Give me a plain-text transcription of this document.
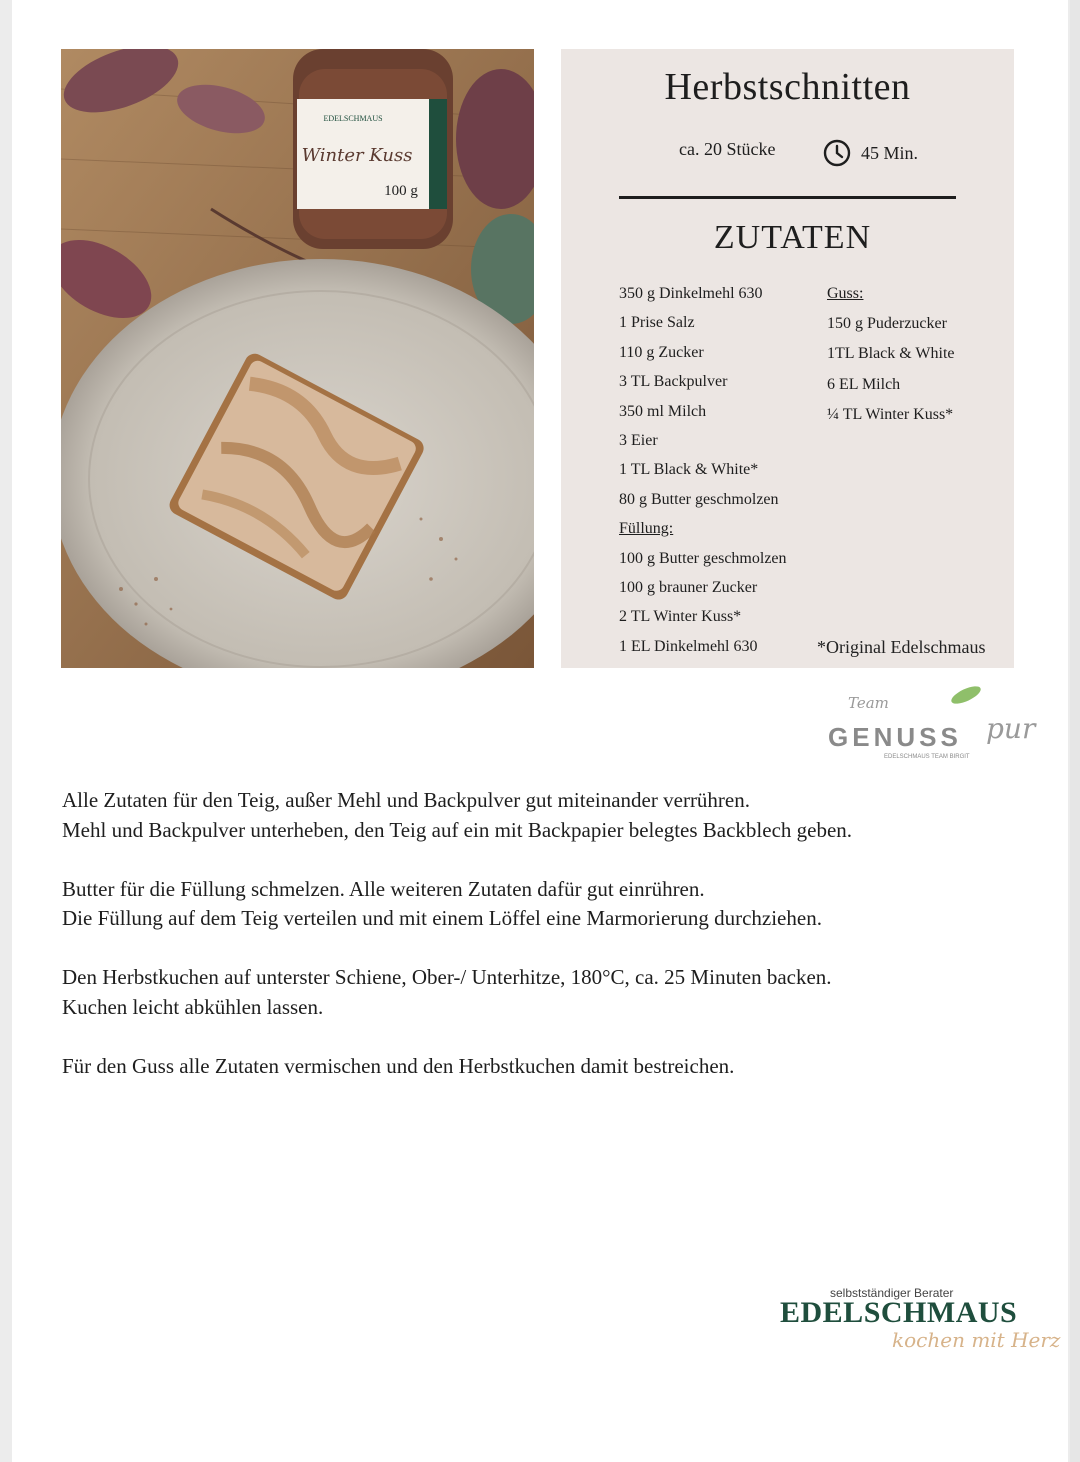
EDELSCHMAUS
Winter Kuss
100 g
Herbstschnitten
ca. 20 Stücke	45 Min.
ZUTATEN
350 g Dinkelmehl 630
1 Prise Salz
110 g Zucker
3 TL Backpulver
350 ml Milch
3 Eier
1 TL Black & White*
80 g Butter geschmolzen
Füllung:
100 g Butter geschmolzen
100 g brauner Zucker
2 TL Winter Kuss*
1 EL Dinkelmehl 630
Guss:
150 g Puderzucker
1TL Black & White
6 EL Milch
¼ TL Winter Kuss*
*Original Edelschmaus
Team
GENUSS pur
EDELSCHMAUS TEAM BIRGIT

Alle Zutaten für den Teig, außer Mehl und Backpulver gut miteinander verrühren.
Mehl und Backpulver unterheben, den Teig auf ein mit Backpapier belegtes Backblech geben.

Butter für die Füllung schmelzen. Alle weiteren Zutaten dafür gut einrühren.
Die Füllung auf dem Teig verteilen und mit einem Löffel eine Marmorierung durchziehen.

Den Herbstkuchen auf unterster Schiene, Ober-/ Unterhitze, 180°C, ca. 25 Minuten backen.
Kuchen leicht abkühlen lassen.

Für den Guss alle Zutaten vermischen und den Herbstkuchen damit bestreichen.

selbstständiger Berater
EDELSCHMAUS
kochen mit Herz
